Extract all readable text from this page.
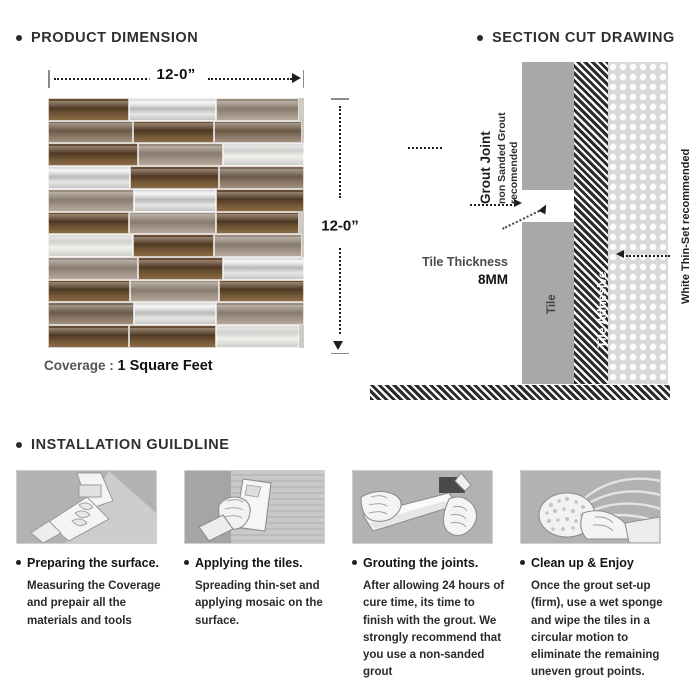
PRODUCT DIMENSION
12-0”
12-0”
Coverage : 1 Square Feet
SECTION CUT DRAWING
Grout Joint non Sanded Grout recomended
Tile	Tile Adhesive
White Thin-Set recommended
Tile Thickness
8MM
INSTALLATION GUILDLINE
Preparing the surface.
Measuring the Coverage and prepair all the materials and tools
Applying the tiles.
Spreading thin-set and applying mosaic on the surface.
Grouting the joints.
After allowing 24 hours of cure time, its time to finish with the grout. We strongly recommend that you use a non-sanded grout
Clean up & Enjoy
Once the grout set-up (firm), use a wet sponge and wipe the tiles in a circular motion to eliminate the remaining uneven grout points.
